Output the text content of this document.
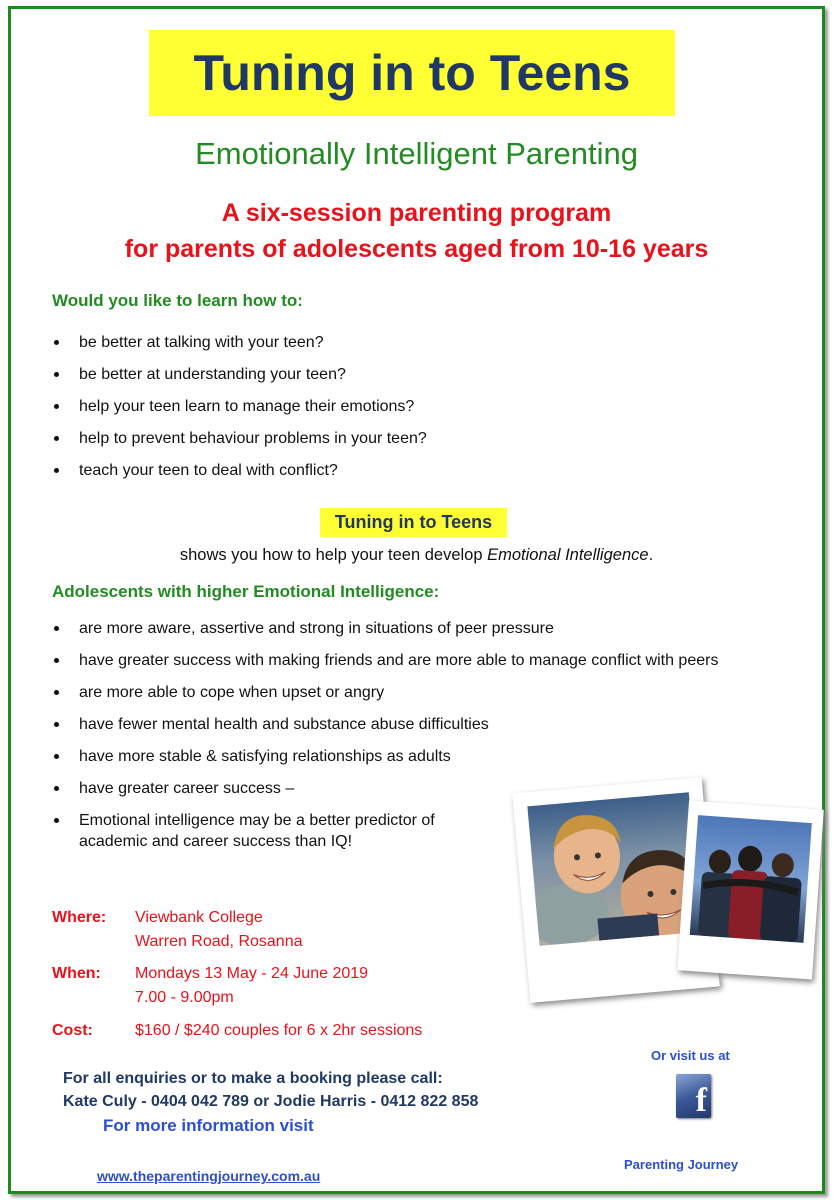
Tuning in to Teens
Emotionally Intelligent Parenting
A six-session parenting program
for parents of adolescents aged from 10-16 years
Would you like to learn how to:
be better at talking with your teen?
be better at understanding your teen?
help your teen learn to manage their emotions?
help to prevent behaviour problems in your teen?
teach your teen to deal with conflict?
Tuning in to Teens
shows you how to help your teen develop Emotional Intelligence.
Adolescents with higher Emotional Intelligence:
are more aware, assertive and strong in situations of peer pressure
have greater success with making friends and are more able to manage conflict with peers
are more able to cope when upset or angry
have fewer mental health and substance abuse difficulties
have more stable & satisfying relationships as adults
have greater career success –
Emotional intelligence may be a better predictor of academic and career success than IQ!
Where: Viewbank College
Warren Road, Rosanna
When: Mondays 13 May - 24 June 2019
7.00 - 9.00pm
Cost:	$160 / $240 couples for 6 x 2hr sessions
For all enquiries or to make a booking please call:
Kate Culy - 0404 042 789 or Jodie Harris - 0412 822 858
For more information visit
www.theparentingjourney.com.au
Or visit us at
f
Parenting Journey
